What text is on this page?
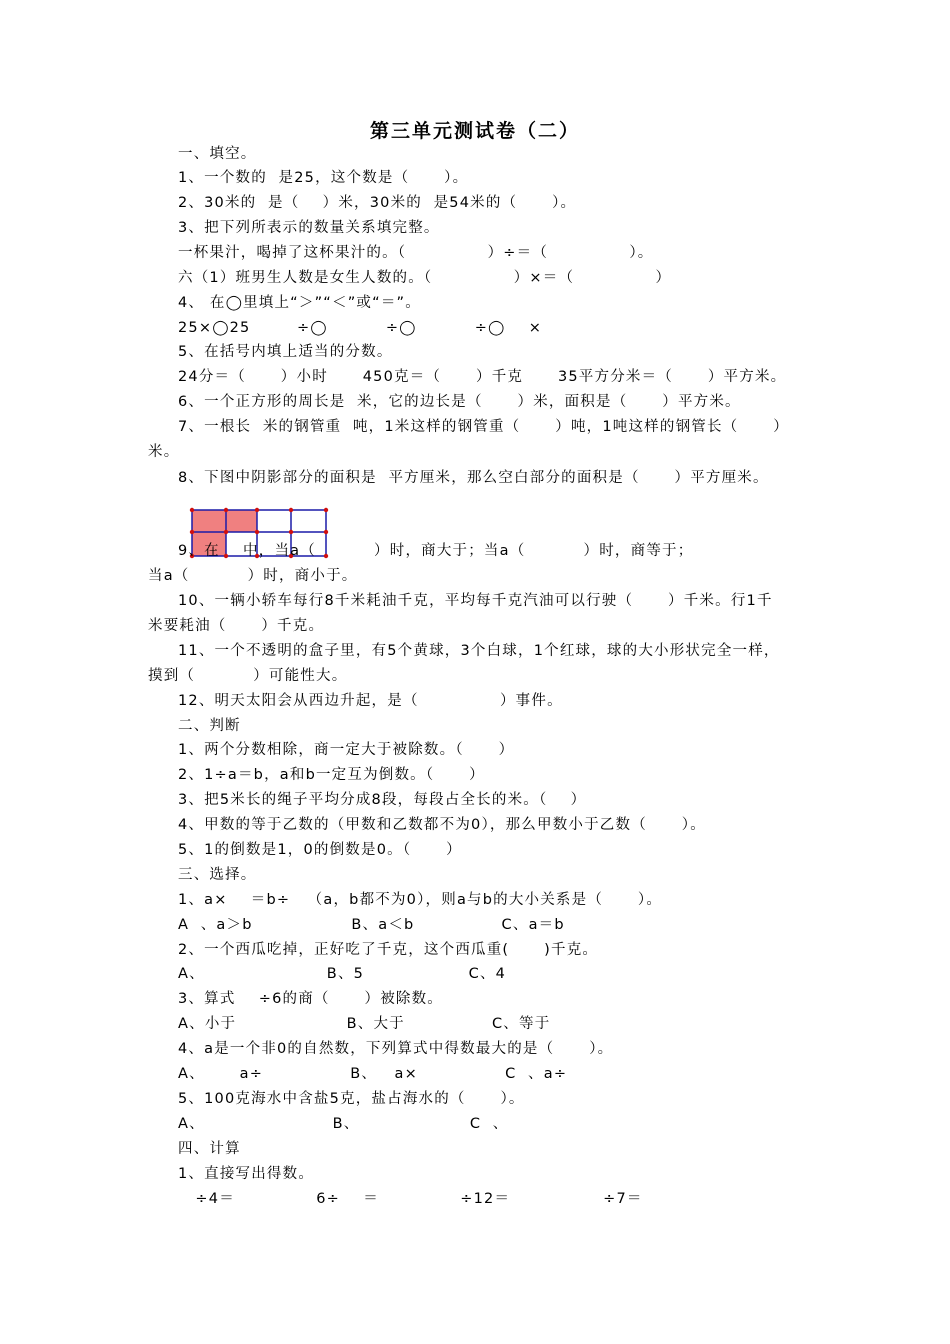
第三单元测试卷（二）
一、填空。
1、一个数的  是25，这个数是（      ）。
2、30米的  是（    ）米，30米的  是54米的（      ）。
3、把下列所表示的数量关系填完整。
一杯果汁，喝掉了这杯果汁的。（              ）÷＝（              ）。
六（1）班男生人数是女生人数的。（              ）×＝（              ）
4、 在◯里填上“＞”“＜”或“＝”。
25×◯25        ÷◯          ÷◯          ÷◯    ×
5、在括号内填上适当的分数。
24分＝（      ）小时      450克＝（      ）千克      35平方分米＝（      ）平方米。
6、一个正方形的周长是  米，它的边长是（      ）米，面积是（      ）平方米。
7、一根长  米的钢管重  吨，1米这样的钢管重（      ）吨，1吨这样的钢管长（      ）
米。
8、下图中阴影部分的面积是  平方厘米，那么空白部分的面积是（      ）平方厘米。
9、在    中，当a（          ）时，商大于；当a（          ）时，商等于；
当a（          ）时，商小于。
10、一辆小轿车每行8千米耗油千克，平均每千克汽油可以行驶（      ）千米。行1千
米要耗油（      ）千克。
11、一个不透明的盒子里，有5个黄球，3个白球，1个红球，球的大小形状完全一样，
摸到（          ）可能性大。
12、明天太阳会从西边升起，是（              ）事件。
二、判断
1、两个分数相除，商一定大于被除数。（      ）
2、1÷a＝b，a和b一定互为倒数。（      ）
3、把5米长的绳子平均分成8段，每段占全长的米。（    ）
4、甲数的等于乙数的（甲数和乙数都不为0），那么甲数小于乙数（      ）。
5、1的倒数是1，0的倒数是0。（      ）
三、选择。
1、a×    ＝b÷   （a，b都不为0），则a与b的大小关系是（      ）。
A  、a＞b                 B、a＜b               C、a＝b
2、一个西瓜吃掉，正好吃了千克，这个西瓜重(      )千克。
A、                     B、5                  C、4
3、算式    ÷6的商（      ）被除数。
A、小于                   B、大于               C、等于
4、a是一个非0的自然数，下列算式中得数最大的是（      ）。
A、      a÷               B、   a×               C  、a÷
5、100克海水中含盐5克，盐占海水的（      ）。
A、                      B、                   C  、
四、计算
1、直接写出得数。
÷4＝              6÷    ＝              ÷12＝                ÷7＝
